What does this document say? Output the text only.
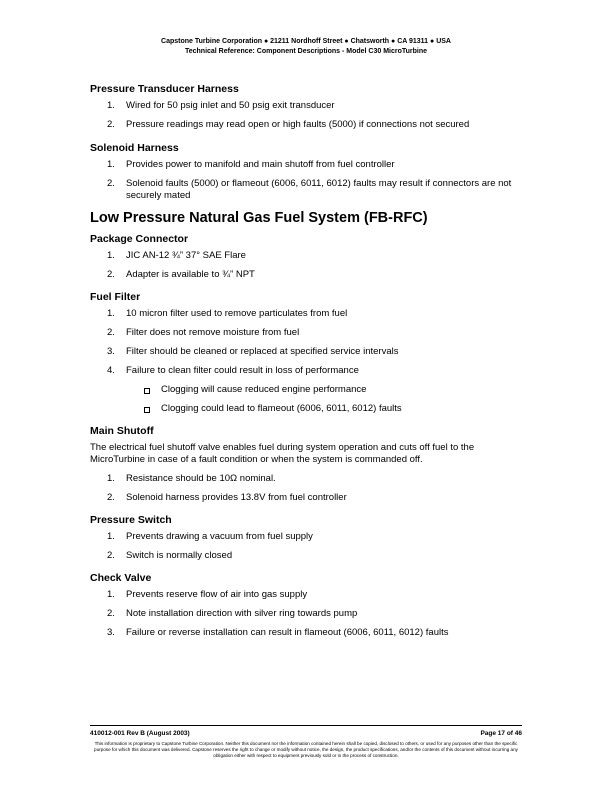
Capstone Turbine Corporation ● 21211 Nordhoff Street ● Chatsworth ● CA 91311 ● USA
Technical Reference: Component Descriptions - Model C30 MicroTurbine
Pressure Transducer Harness
1. Wired for 50 psig inlet and 50 psig exit transducer
2. Pressure readings may read open or high faults (5000) if connections not secured
Solenoid Harness
1. Provides power to manifold and main shutoff from fuel controller
2. Solenoid faults (5000) or flameout (6006, 6011, 6012) faults may result if connectors are not securely mated
Low Pressure Natural Gas Fuel System (FB-RFC)
Package Connector
1. JIC AN-12 ¾” 37° SAE Flare
2. Adapter is available to ¾” NPT
Fuel Filter
1. 10 micron filter used to remove particulates from fuel
2. Filter does not remove moisture from fuel
3. Filter should be cleaned or replaced at specified service intervals
4. Failure to clean filter could result in loss of performance
Clogging will cause reduced engine performance
Clogging could lead to flameout (6006, 6011, 6012) faults
Main Shutoff

The electrical fuel shutoff valve enables fuel during system operation and cuts off fuel to the MicroTurbine in case of a fault condition or when the system is commanded off.

1. Resistance should be 10Ω nominal.
2. Solenoid harness provides 13.8V from fuel controller
Pressure Switch
1. Prevents drawing a vacuum from fuel supply
2. Switch is normally closed
Check Valve
1. Prevents reserve flow of air into gas supply
2. Note installation direction with silver ring towards pump
3. Failure or reverse installation can result in flameout (6006, 6011, 6012) faults
410012-001 Rev B (August 2003)	Page 17 of 46
This information is proprietary to Capstone Turbine Corporation. Neither this document nor the information contained herein shall be copied, disclosed to others, or used for any purposes other than the specific purpose for which this document was delivered. Capstone reserves the right to change or modify without notice, the design, the product specifications, and/or the contents of this document without incurring any obligation either with respect to equipment previously sold or in the process of construction.
